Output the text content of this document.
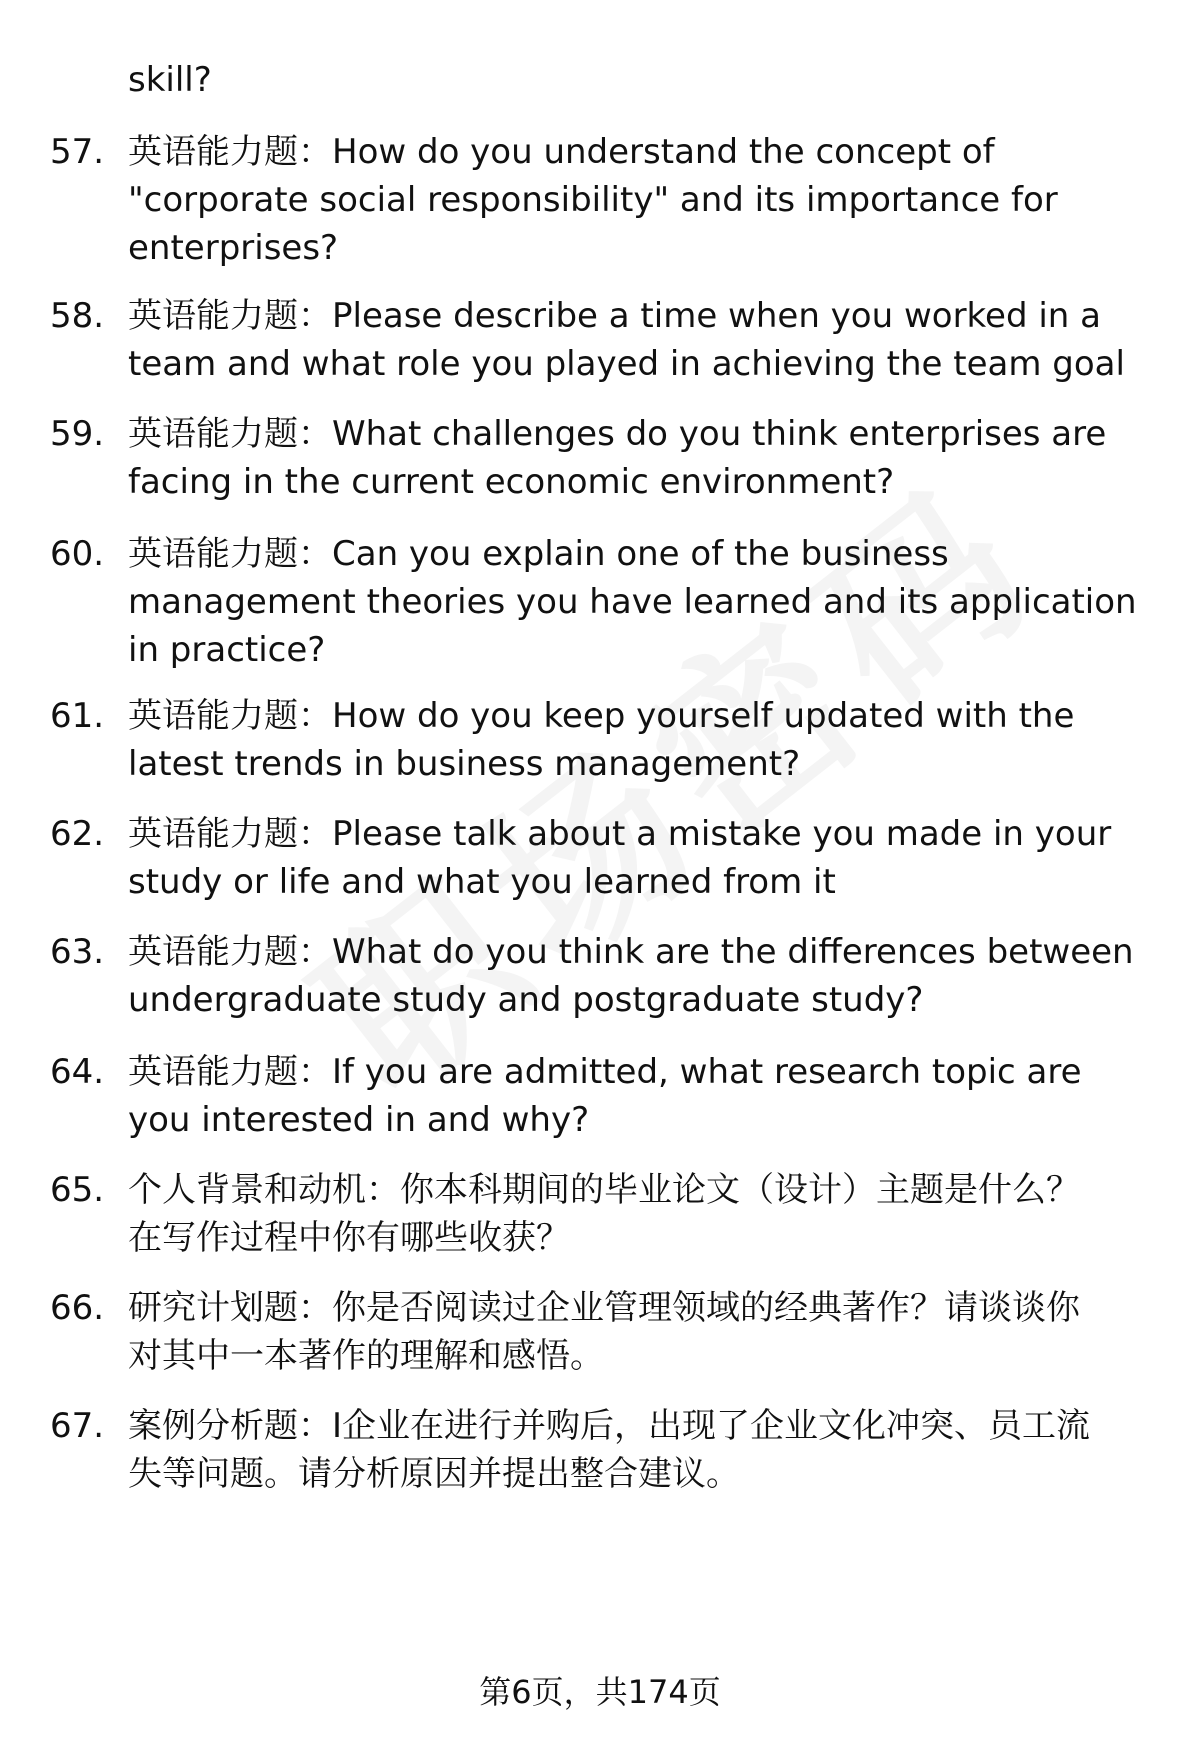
skill?
57. 英语能力题：How do you understand the concept of
"corporate social responsibility" and its importance for
enterprises?
58. 英语能力题：Please describe a time when you worked in a
team and what role you played in achieving the team goal
59. 英语能力题：What challenges do you think enterprises are
facing in the current economic environment?
60. 英语能力题：Can you explain one of the business
management theories you have learned and its application
in practice?
61. 英语能力题：How do you keep yourself updated with the
latest trends in business management?
62. 英语能力题：Please talk about a mistake you made in your
study or life and what you learned from it
63. 英语能力题：What do you think are the differences between
undergraduate study and postgraduate study?
64. 英语能力题：If you are admitted, what research topic are
you interested in and why?
65. 个人背景和动机：你本科期间的毕业论文（设计）主题是什么？
在写作过程中你有哪些收获？
66. 研究计划题：你是否阅读过企业管理领域的经典著作？请谈谈你
对其中一本著作的理解和感悟。
67. 案例分析题：I企业在进行并购后，出现了企业文化冲突、员工流
失等问题。请分析原因并提出整合建议。
第6页，共174页
